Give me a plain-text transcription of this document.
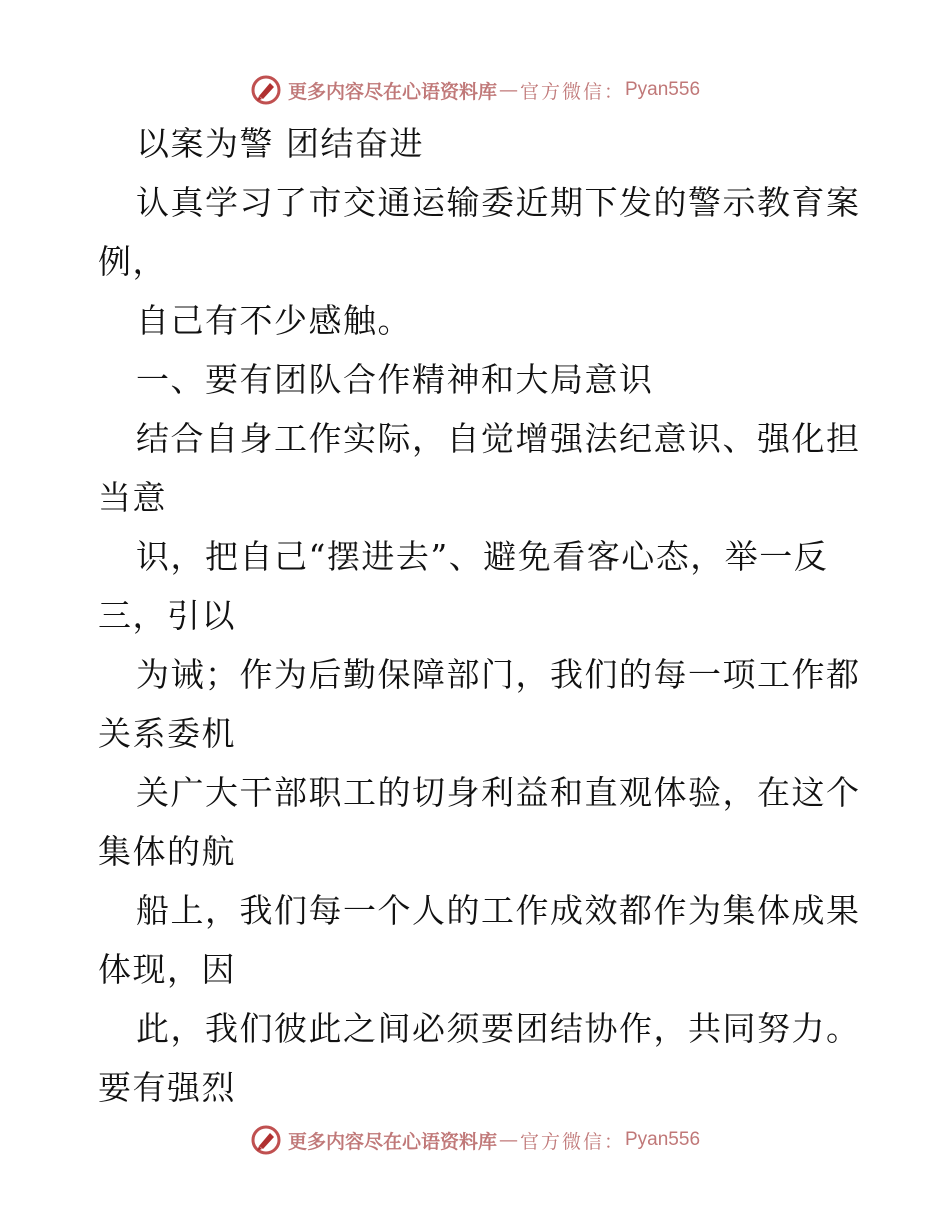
更多内容尽在心语资料库 — 官方微信： Pyan556
以案为警 团结奋进
认真学习了市交通运输委近期下发的警示教育案
例，
自己有不少感触。
一、要有团队合作精神和大局意识
结合自身工作实际，自觉增强法纪意识、强化担
当意
识，把自己“摆进去”、避免看客心态，举一反
三，引以
为诫；作为后勤保障部门，我们的每一项工作都
关系委机
关广大干部职工的切身利益和直观体验，在这个
集体的航
船上，我们每一个人的工作成效都作为集体成果
体现，因
此，我们彼此之间必须要团结协作，共同努力。
要有强烈
更多内容尽在心语资料库 — 官方微信： Pyan556
